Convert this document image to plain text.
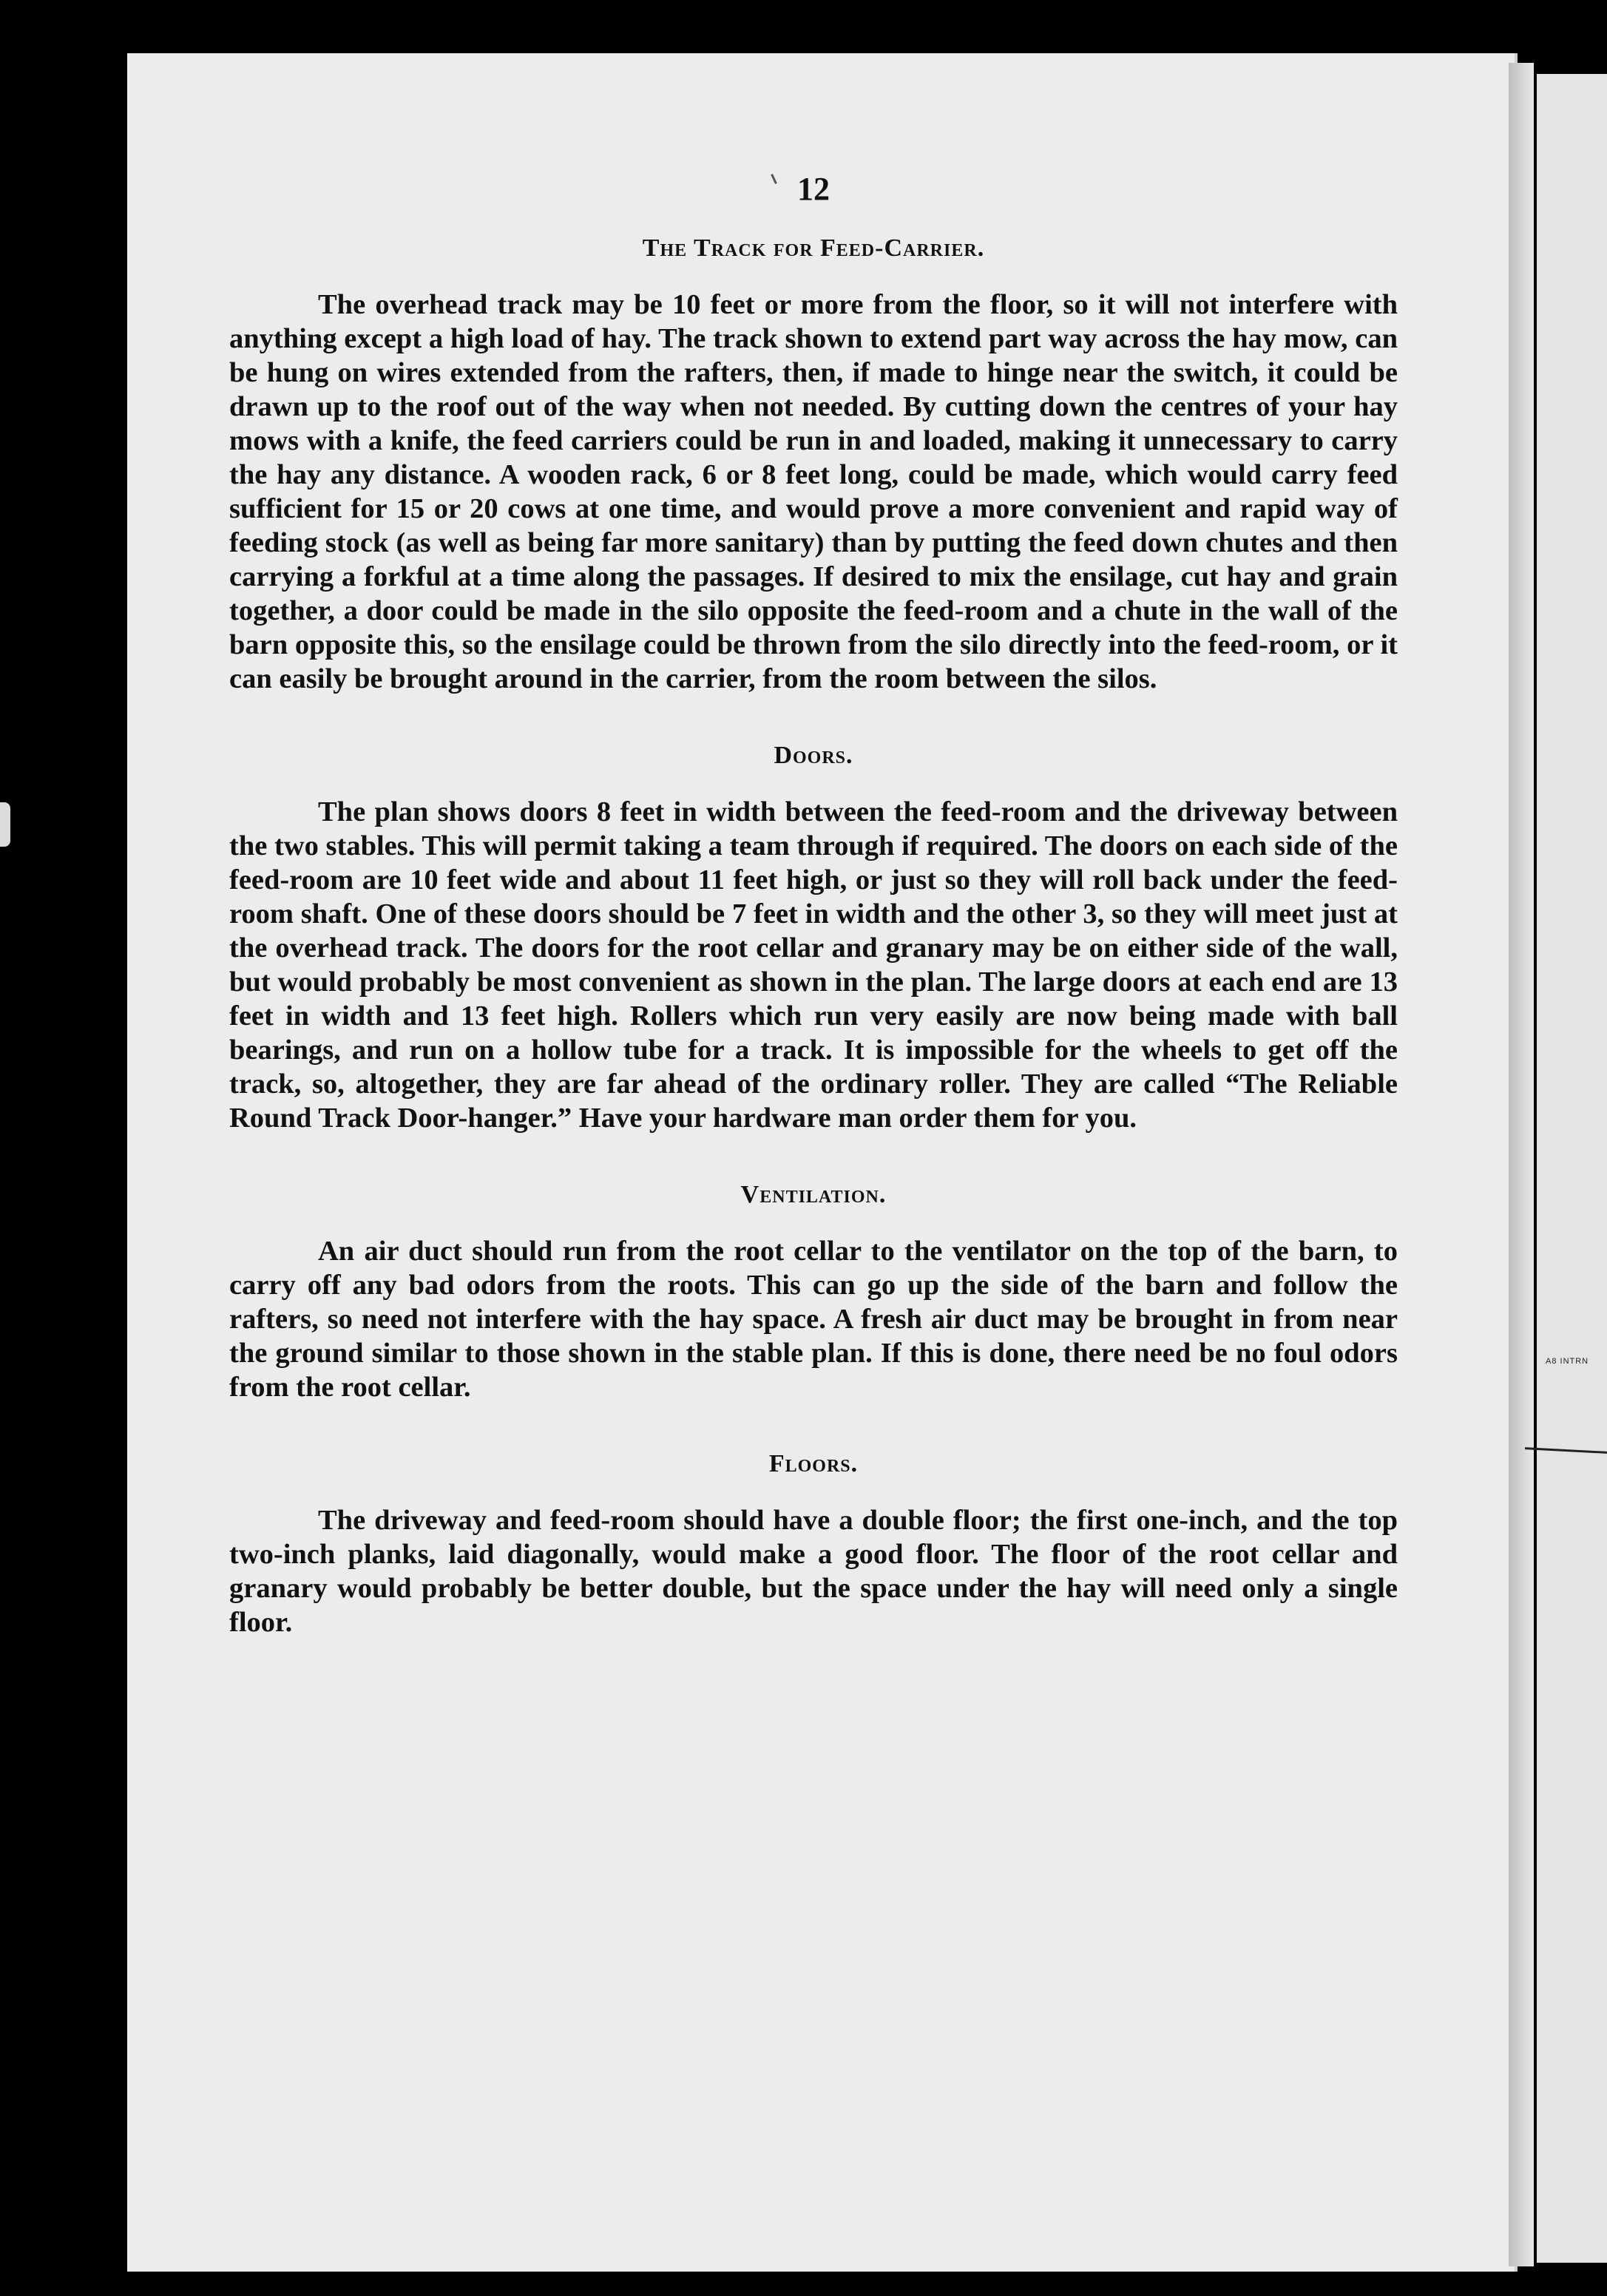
A8 INTRN
12
The Track for Feed-Carrier.

The overhead track may be 10 feet or more from the floor, so it will not interfere with anything except a high load of hay. The track shown to extend part way across the hay mow, can be hung on wires extended from the rafters, then, if made to hinge near the switch, it could be drawn up to the roof out of the way when not needed. By cutting down the centres of your hay mows with a knife, the feed carriers could be run in and loaded, making it unnecessary to carry the hay any distance. A wooden rack, 6 or 8 feet long, could be made, which would carry feed sufficient for 15 or 20 cows at one time, and would prove a more convenient and rapid way of feeding stock (as well as being far more sanitary) than by putting the feed down chutes and then carrying a forkful at a time along the passages. If desired to mix the ensilage, cut hay and grain together, a door could be made in the silo opposite the feed-room and a chute in the wall of the barn opposite this, so the ensilage could be thrown from the silo directly into the feed-room, or it can easily be brought around in the carrier, from the room between the silos.

Doors.

The plan shows doors 8 feet in width between the feed-room and the driveway between the two stables. This will permit taking a team through if required. The doors on each side of the feed-room are 10 feet wide and about 11 feet high, or just so they will roll back under the feed-room shaft. One of these doors should be 7 feet in width and the other 3, so they will meet just at the overhead track. The doors for the root cellar and granary may be on either side of the wall, but would probably be most convenient as shown in the plan. The large doors at each end are 13 feet in width and 13 feet high. Rollers which run very easily are now being made with ball bearings, and run on a hollow tube for a track. It is impossible for the wheels to get off the track, so, altogether, they are far ahead of the ordinary roller. They are called “The Reliable Round Track Door-hanger.” Have your hardware man order them for you.

Ventilation.

An air duct should run from the root cellar to the ventilator on the top of the barn, to carry off any bad odors from the roots. This can go up the side of the barn and follow the rafters, so need not interfere with the hay space. A fresh air duct may be brought in from near the ground similar to those shown in the stable plan. If this is done, there need be no foul odors from the root cellar.

Floors.

The driveway and feed-room should have a double floor; the first one-inch, and the top two-inch planks, laid diagonally, would make a good floor. The floor of the root cellar and granary would probably be better double, but the space under the hay will need only a single floor.
